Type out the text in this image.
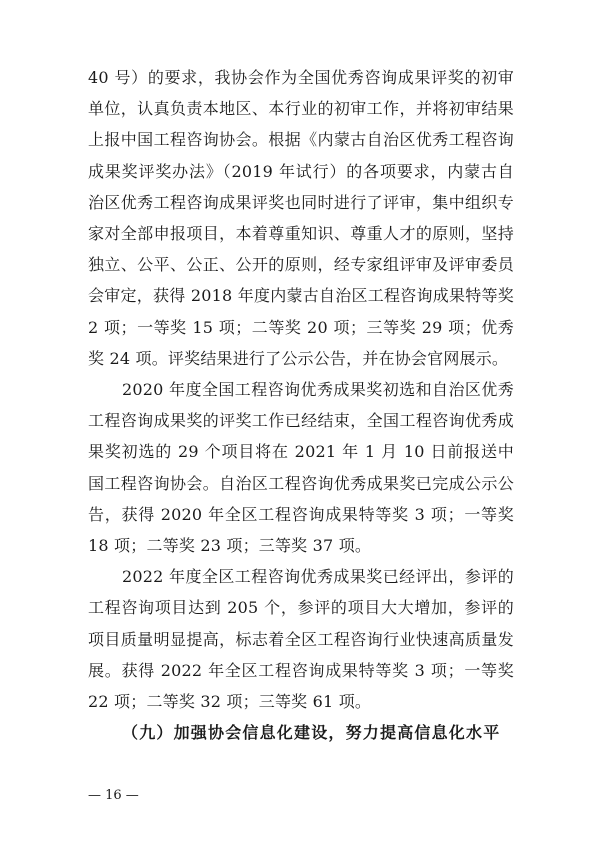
40 号）的要求，我协会作为全国优秀咨询成果评奖的初审单位，认真负责本地区、本行业的初审工作，并将初审结果上报中国工程咨询协会。根据《内蒙古自治区优秀工程咨询成果奖评奖办法》（2019 年试行）的各项要求，内蒙古自治区优秀工程咨询成果评奖也同时进行了评审，集中组织专家对全部申报项目，本着尊重知识、尊重人才的原则，坚持独立、公平、公正、公开的原则，经专家组评审及评审委员会审定，获得 2018 年度内蒙古自治区工程咨询成果特等奖 2 项；一等奖 15 项；二等奖 20 项；三等奖 29 项；优秀奖 24 项。评奖结果进行了公示公告，并在协会官网展示。

2020 年度全国工程咨询优秀成果奖初选和自治区优秀工程咨询成果奖的评奖工作已经结束，全国工程咨询优秀成果奖初选的 29 个项目将在 2021 年 1 月 10 日前报送中国工程咨询协会。自治区工程咨询优秀成果奖已完成公示公告，获得 2020 年全区工程咨询成果特等奖 3 项；一等奖 18 项；二等奖 23 项；三等奖 37 项。

2022 年度全区工程咨询优秀成果奖已经评出，参评的工程咨询项目达到 205 个，参评的项目大大增加，参评的项目质量明显提高，标志着全区工程咨询行业快速高质量发展。获得 2022 年全区工程咨询成果特等奖 3 项；一等奖 22 项；二等奖 32 项；三等奖 61 项。

（九）加强协会信息化建设，努力提高信息化水平

— 16 —
